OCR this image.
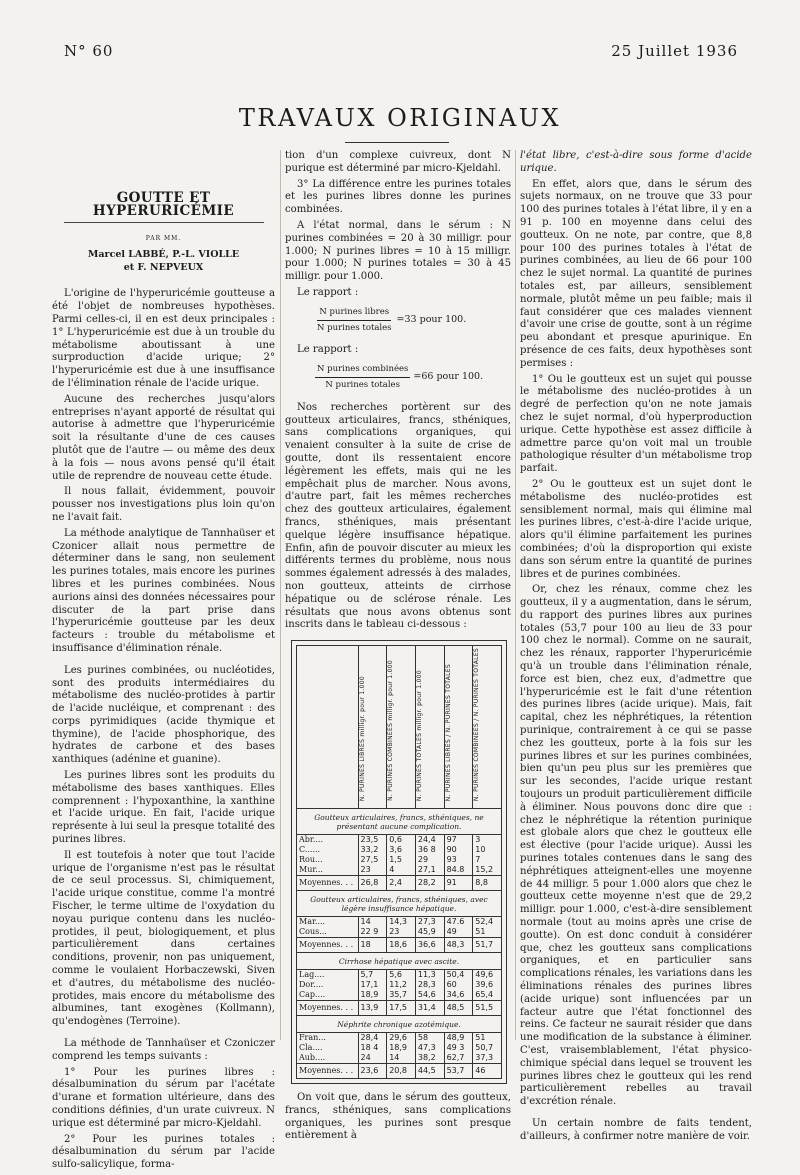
N° 60	25 Juillet 1936
TRAVAUX ORIGINAUX
GOUTTE ET HYPERURICÉMIE
PAR MM.
Marcel LABBÉ, P.-L. VIOLLE
et F. NEPVEUX

L'origine de l'hyperuricémie goutteuse a été l'objet de nombreuses hypothèses. Parmi celles-ci, il en est deux principales : 1° L'hyperuricémie est due à un trouble du métabolisme aboutissant à une surproduction d'acide urique; 2° l'hyperuricémie est due à une insuffisance de l'élimination rénale de l'acide urique.

Aucune des recherches jusqu'alors entreprises n'ayant apporté de résultat qui autorise à admettre que l'hyperuricémie soit la résultante d'une de ces causes plutôt que de l'autre — ou même des deux à la fois — nous avons pensé qu'il était utile de reprendre de nouveau cette étude.

Il nous fallait, évidemment, pouvoir pousser nos investigations plus loin qu'on ne l'avait fait.

La méthode analytique de Tannhaüser et Czonicer allait nous permettre de déterminer dans le sang, non seulement les purines totales, mais encore les purines libres et les purines combinées. Nous aurions ainsi des données nécessaires pour discuter de la part prise dans l'hyperuricémie goutteuse par les deux facteurs : trouble du métabolisme et insuffisance d'élimination rénale.

Les purines combinées, ou nucléotides, sont des produits intermédiaires du métabolisme des nucléo-protides à partir de l'acide nucléique, et comprenant : des corps pyrimidiques (acide thymique et thymine), de l'acide phosphorique, des hydrates de carbone et des bases xanthiques (adénine et guanine).

Les purines libres sont les produits du métabolisme des bases xanthiques. Elles comprennent : l'hypoxanthine, la xanthine et l'acide urique. En fait, l'acide urique représente à lui seul la presque totalité des purines libres.

Il est toutefois à noter que tout l'acide urique de l'organisme n'est pas le résultat de ce seul processus. Si, chimiquement, l'acide urique constitue, comme l'a montré Fischer, le terme ultime de l'oxydation du noyau purique contenu dans les nucléo-protides, il peut, biologiquement, et plus particulièrement dans certaines conditions, provenir, non pas uniquement, comme le voulaient Horbaczewski, Siven et d'autres, du métabolisme des nucléo-protides, mais encore du métabolisme des albumines, tant exogènes (Kollmann), qu'endogènes (Terroine).

La méthode de Tannhaüser et Czoniczer comprend les temps suivants :

1° Pour les purines libres : désalbumination du sérum par l'acétate d'urane et formation ultérieure, dans des conditions définies, d'un urate cuivreux. N urique est déterminé par micro-Kjeldahl.

2° Pour les purines totales : désalbumination du sérum par l'acide sulfo-salicylique, forma-

tion d'un complexe cuivreux, dont N purique est déterminé par micro-Kjeldahl.

3° La différence entre les purines totales et les purines libres donne les purines combinées.

A l'état normal, dans le sérum : N purines combinées = 20 à 30 milligr. pour 1.000; N purines libres = 10 à 15 milligr. pour 1.000; N purines totales = 30 à 45 milligr. pour 1.000.

Le rapport :

$\frac{\text{N purines libres}}{\text{N purines totales}} =33$ pour 100.

Le rapport :

$\frac{\text{N purines combinées}}{\text{N purines totales}} =66$ pour 100.

Nos recherches portèrent sur des goutteux articulaires, francs, sthéniques, sans complications organiques, qui venaient consulter à la suite de crise de goutte, dont ils ressentaient encore légèrement les effets, mais qui ne les empêchait plus de marcher. Nous avons, d'autre part, fait les mêmes recherches chez des goutteux articulaires, également francs, sthéniques, mais présentant quelque légère insuffisance hépatique. Enfin, afin de pouvoir discuter au mieux les différents termes du problème, nous nous sommes également adressés à des malades, non goutteux, atteints de cirrhose hépatique ou de sclérose rénale. Les résultats que nous avons obtenus sont inscrits dans le tableau ci-dessous :

	N. PURINES LIBRES milligr. pour 1.000	N. PURINES COMBINÉES milligr. pour 1.000	N. PURINES TOTALES milligr. pour 1.000	N. PURINES LIBRES / N. PURINES TOTALES	N. PURINES COMBINÉES / N. PURINES TOTALES
Goutteux articulaires, francs, sthéniques, ne présentant aucune complication.					
Abr....	23,5	0,6	24,4	97	3
C......	33,2	3,6	36 8	90	10
Rou...	27,5	1,5	29	93	7
Mur...	23	4	27,1	84.8	15,2
Moyennes. . .	26,8	2,4	28,2	91	8,8
Goutteux articulaires, francs, sthéniques, avec légère insuffisance hépatique.					
Mar....	14	14,3	27,3	47.6	52,4
Cous...	22 9	23	45,9	49	51
Moyennes. . .	18	18,6	36,6	48,3	51,7
Cirrhose hépatique avec ascite.					
Lag....	5,7	5,6	11,3	50,4	49,6
Dor....	17,1	11,2	28,3	60	39,6
Cap....	18,9	35,7	54,6	34,6	65,4
Moyennes. . .	13,9	17,5	31,4	48,5	51,5
Néphrite chronique azotémique.					
Fran...	28,4	29,6	58	48,9	51
Cla....	18 4	18,9	47,3	49 3	50,7
Aub....	24	14	38,2	62,7	37,3
Moyennes. . .	23,6	20,8	44,5	53,7	46

On voit que, dans le sérum des goutteux, francs, sthéniques, sans complications organiques, les purines sont presque entièrement à

l'état libre, c'est-à-dire sous forme d'acide urique.

En effet, alors que, dans le sérum des sujets normaux, on ne trouve que 33 pour 100 des purines totales à l'état libre, il y en a 91 p. 100 en moyenne dans celui des goutteux. On ne note, par contre, que 8,8 pour 100 des purines totales à l'état de purines combinées, au lieu de 66 pour 100 chez le sujet normal. La quantité de purines totales est, par ailleurs, sensiblement normale, plutôt même un peu faible; mais il faut considérer que ces malades viennent d'avoir une crise de goutte, sont à un régime peu abondant et presque apurinique. En présence de ces faits, deux hypothèses sont permises :

1° Ou le goutteux est un sujet qui pousse le métabolisme des nucléo-protides à un degré de perfection qu'on ne note jamais chez le sujet normal, d'où hyperproduction urique. Cette hypothèse est assez difficile à admettre parce qu'on voit mal un trouble pathologique résulter d'un métabolisme trop parfait.

2° Ou le goutteux est un sujet dont le métabolisme des nucléo-protides est sensiblement normal, mais qui élimine mal les purines libres, c'est-à-dire l'acide urique, alors qu'il élimine parfaitement les purines combinées; d'où la disproportion qui existe dans son sérum entre la quantité de purines libres et de purines combinées.

Or, chez les rénaux, comme chez les goutteux, il y a augmentation, dans le sérum, du rapport des purines libres aux purines totales (53,7 pour 100 au lieu de 33 pour 100 chez le normal). Comme on ne saurait, chez les rénaux, rapporter l'hyperuricémie qu'à un trouble dans l'élimination rénale, force est bien, chez eux, d'admettre que l'hyperuricémie est le fait d'une rétention des purines libres (acide urique). Mais, fait capital, chez les néphrétiques, la rétention purinique, contrairement à ce qui se passe chez les goutteux, porte à la fois sur les purines libres et sur les purines combinées, bien qu'un peu plus sur les premières que sur les secondes, l'acide urique restant toujours un produit particulièrement difficile à éliminer. Nous pouvons donc dire que : chez le néphrétique la rétention purinique est globale alors que chez le goutteux elle est élective (pour l'acide urique). Aussi les purines totales contenues dans le sang des néphrétiques atteignent-elles une moyenne de 44 milligr. 5 pour 1.000 alors que chez le goutteux cette moyenne n'est que de 29,2 milligr. pour 1.000, c'est-à-dire sensiblement normale (tout au moins après une crise de goutte). On est donc conduit à considérer que, chez les goutteux sans complications organiques, et en particulier sans complications rénales, les variations dans les éliminations rénales des purines libres (acide urique) sont influencées par un facteur autre que l'état fonctionnel des reins. Ce facteur ne saurait résider que dans une modification de la substance à éliminer. C'est, vraisemblablement, l'état physico-chimique spécial dans lequel se trouvent les purines libres chez le goutteux qui les rend particulièrement rebelles au travail d'excrétion rénale.

Un certain nombre de faits tendent, d'ailleurs, à confirmer notre manière de voir.
